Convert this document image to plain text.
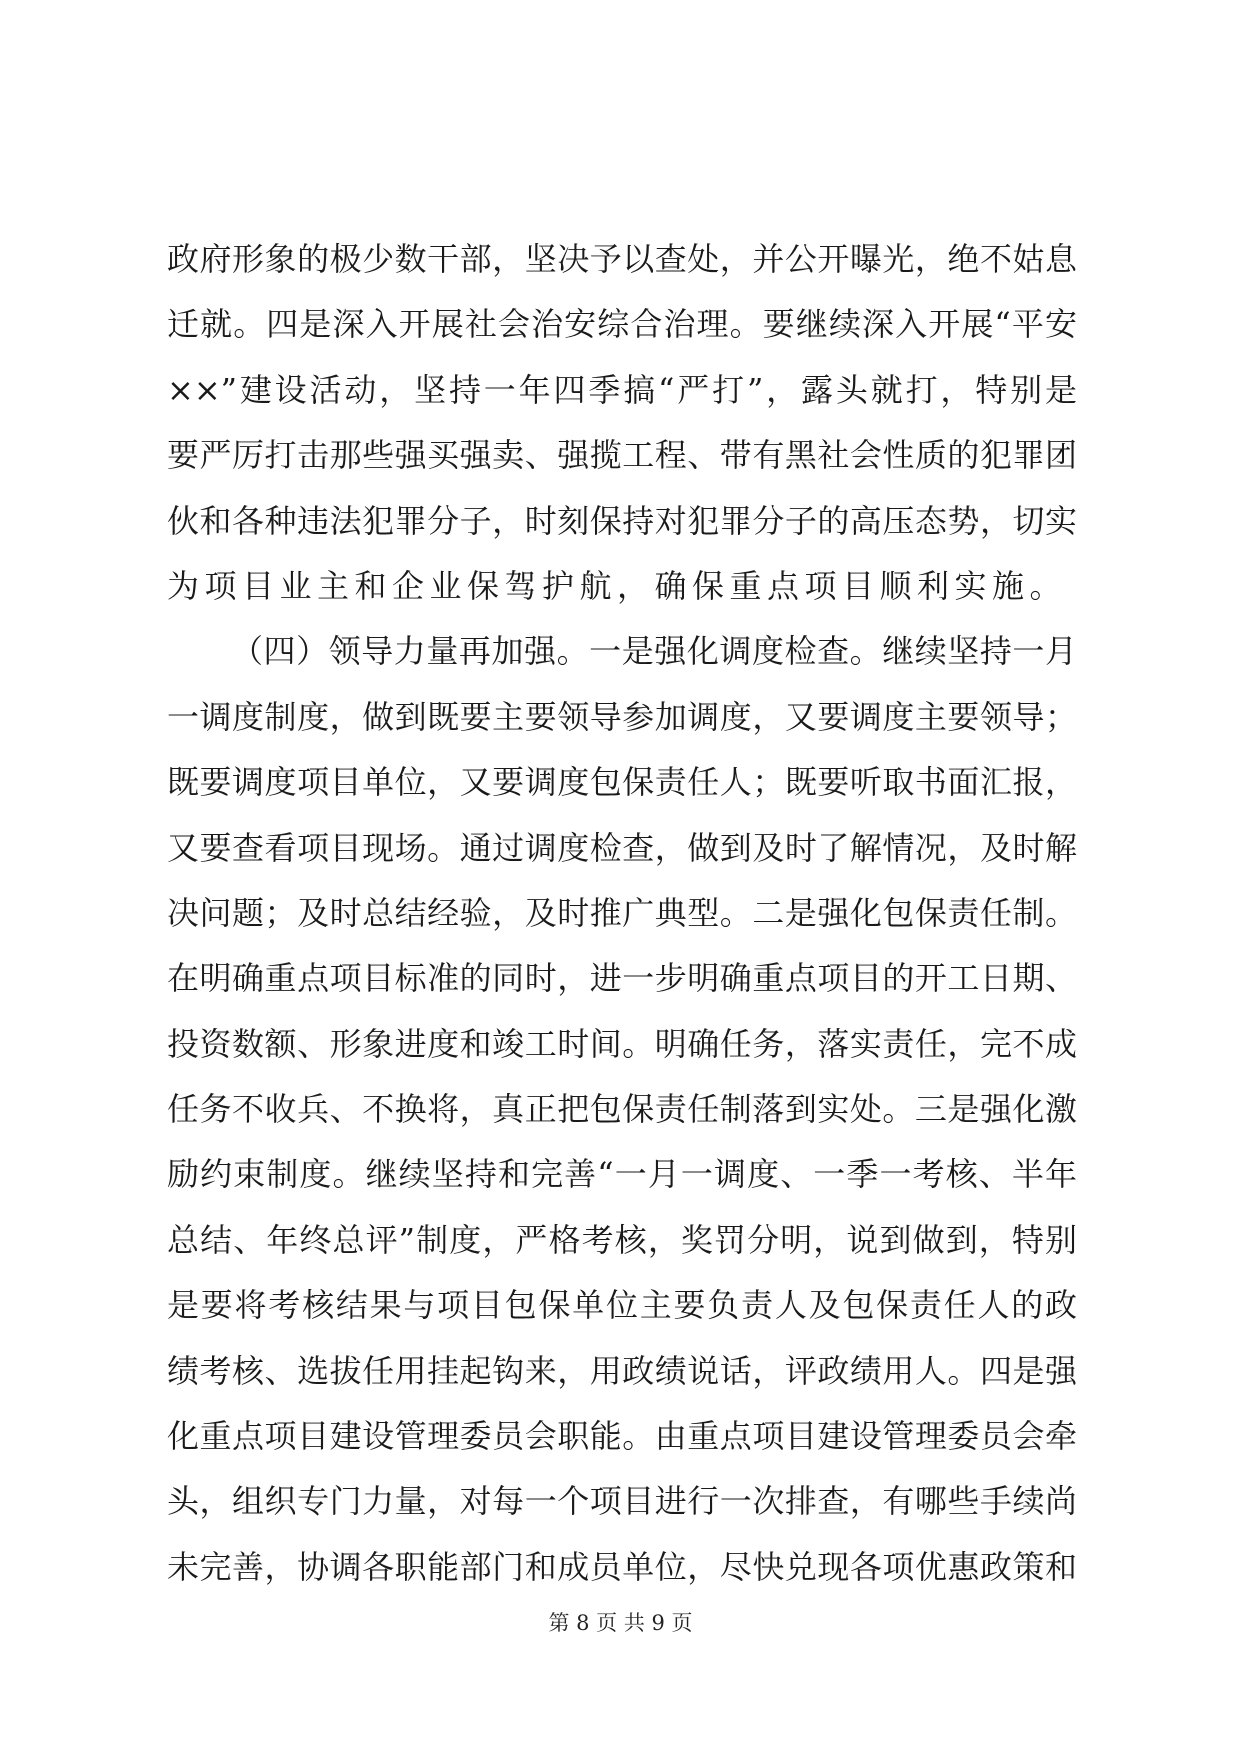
政府形象的极少数干部，坚决予以查处，并公开曝光，绝不姑息
迁就。四是深入开展社会治安综合治理。要继续深入开展“平安
××”建设活动，坚持一年四季搞“严打”，露头就打，特别是
要严厉打击那些强买强卖、强揽工程、带有黑社会性质的犯罪团
伙和各种违法犯罪分子，时刻保持对犯罪分子的高压态势，切实
为项目业主和企业保驾护航，确保重点项目顺利实施。
（四）领导力量再加强。一是强化调度检查。继续坚持一月
一调度制度，做到既要主要领导参加调度，又要调度主要领导；
既要调度项目单位，又要调度包保责任人；既要听取书面汇报，
又要查看项目现场。通过调度检查，做到及时了解情况，及时解
决问题；及时总结经验，及时推广典型。二是强化包保责任制。
在明确重点项目标准的同时，进一步明确重点项目的开工日期、
投资数额、形象进度和竣工时间。明确任务，落实责任，完不成
任务不收兵、不换将，真正把包保责任制落到实处。三是强化激
励约束制度。继续坚持和完善“一月一调度、一季一考核、半年
总结、年终总评”制度，严格考核，奖罚分明，说到做到，特别
是要将考核结果与项目包保单位主要负责人及包保责任人的政
绩考核、选拔任用挂起钩来，用政绩说话，评政绩用人。四是强
化重点项目建设管理委员会职能。由重点项目建设管理委员会牵
头，组织专门力量，对每一个项目进行一次排查，有哪些手续尚
未完善，协调各职能部门和成员单位，尽快兑现各项优惠政策和
第 8 页 共 9 页
